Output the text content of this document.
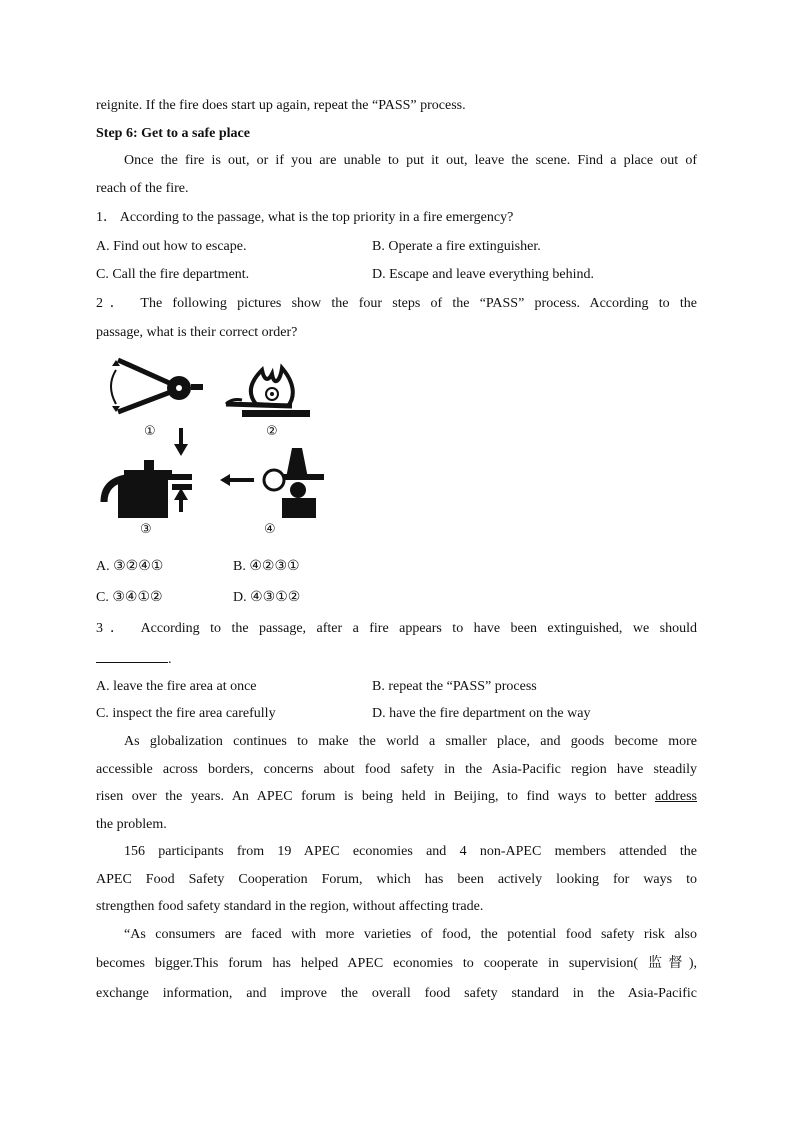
reignite. If the fire does start up again, repeat the “PASS” process.
Step 6: Get to a safe place
Once the fire is out, or if you are unable to put it out, leave the scene. Find a place out of
reach of the fire.
1． According to the passage, what is the top priority in a fire emergency?
A. Find out how to escape.	B. Operate a fire extinguisher.
C. Call the fire department.	D. Escape and leave everything behind.
2． The following pictures show the four steps of the “PASS” process. According to the
passage, what is their correct order?
A. ③②④①	B. ④②③①
C. ③④①②	D. ④③①②
3． According to the passage, after a fire appears to have been extinguished, we should
.
A. leave the fire area at once	B. repeat the “PASS” process
C. inspect the fire area carefully	D. have the fire department on the way
As globalization continues to make the world a smaller place, and goods become more
accessible across borders, concerns about food safety in the Asia-Pacific region have steadily
risen over the years. An APEC forum is being held in Beijing, to find ways to better address
the problem.
156 participants from 19 APEC economies and 4 non-APEC members attended the
APEC Food Safety Cooperation Forum, which has been actively looking for ways to
strengthen food safety standard in the region, without affecting trade.
“As consumers are faced with more varieties of food, the potential food safety risk also
becomes bigger.This forum has helped APEC economies to cooperate in supervision( 监督),
exchange information, and improve the overall food safety standard in the Asia-Pacific
①	②
③	④
